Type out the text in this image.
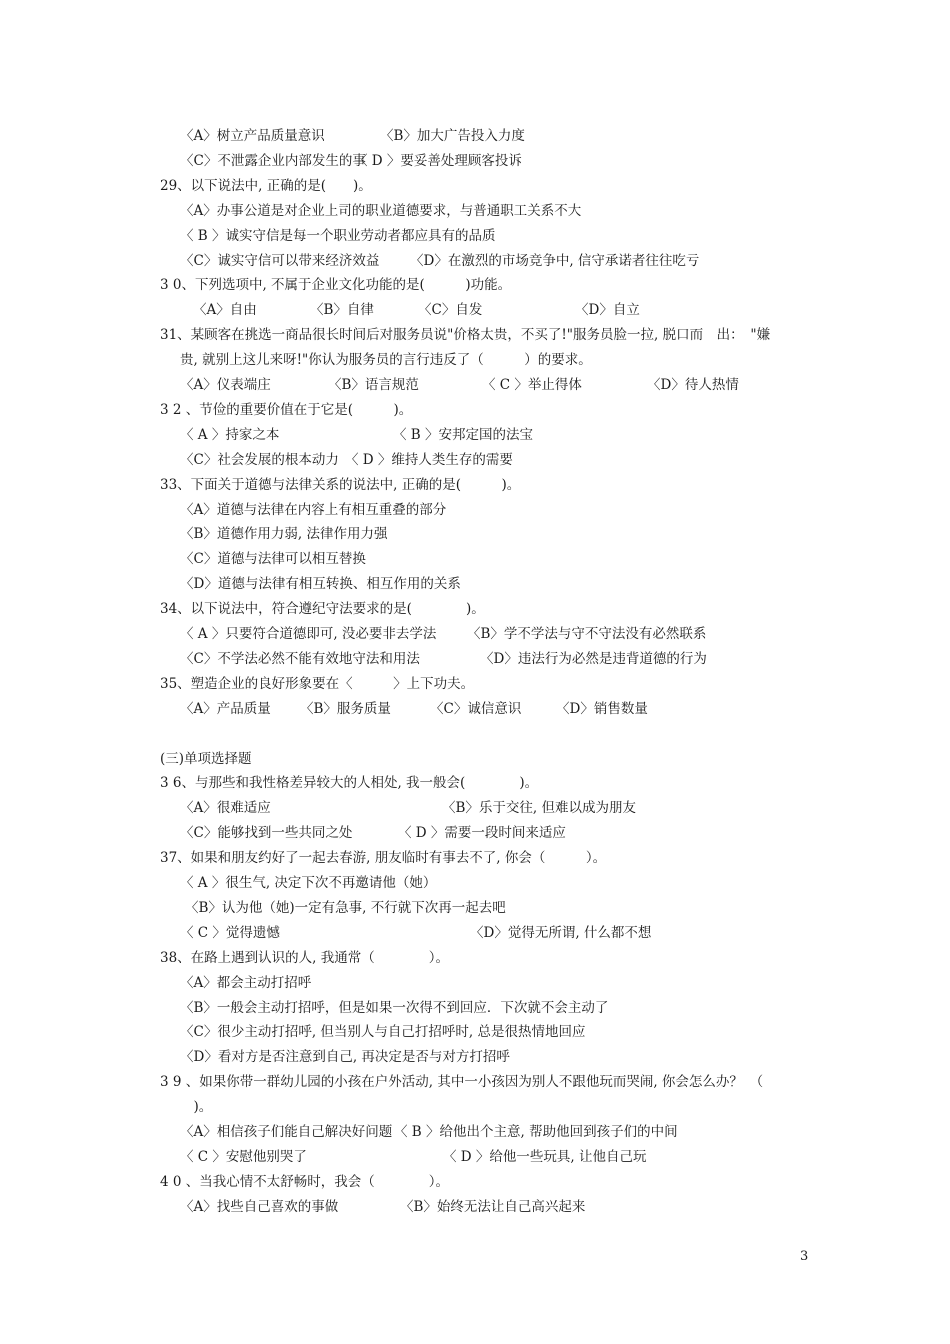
〈A〉树立产品质量意识	〈B〉加大广告投入力度
〈C〉不泄露企业内部发生的事
〈 D 〉要妥善处理顾客投诉
29、以下说法中, 正确的是(　　)。
〈A〉办事公道是对企业上司的职业道德要求，与普通职工关系不大
〈 B 〉诚实守信是每一个职业劳动者都应具有的品质
〈C〉诚实守信可以带来经济效益 〈D〉在激烈的市场竞争中, 信守承诺者往往吃亏
3 0、下列选项中, 不属于企业文化功能的是(　　　)功能。
〈A〉自由	〈B〉自律	〈C〉自发	〈D〉自立
31、某顾客在挑选一商品很长时间后对服务员说"价格太贵，不买了!"服务员脸一拉, 脱口而　出：　"嫌
贵, 就别上这儿来呀!"你认为服务员的言行违反了（　　　）的要求。
〈A〉仪表端庄	〈B〉语言规范	〈 C 〉举止得体	〈D〉待人热情
3 2 、节俭的重要价值在于它是(　　　)。
〈 A 〉持家之本	〈 B 〉安邦定国的法宝
〈C〉社会发展的根本动力 〈 D 〉维持人类生存的需要
33、下面关于道德与法律关系的说法中, 正确的是(　　　)。
〈A〉道德与法律在内容上有相互重叠的部分
〈B〉道德作用力弱, 法律作用力强
〈C〉道德与法律可以相互替换
〈D〉道德与法律有相互转换、相互作用的关系
34、以下说法中，符合遵纪守法要求的是(　　　　)。
〈 A 〉只要符合道德即可, 没必要非去学法 〈B〉学不学法与守不守法没有必然联系
〈C〉不学法必然不能有效地守法和用法	〈D〉违法行为必然是违背道德的行为
35、塑造企业的良好形象要在〈　　　〉上下功夫。
〈A〉产品质量 〈B〉服务质量	〈C〉诚信意识	〈D〉销售数量
(三)单项选择题
3 6、与那些和我性格差异较大的人相处, 我一般会(　　　　)。
〈A〉很难适应	〈B〉乐于交往, 但难以成为朋友
〈C〉能够找到一些共同之处	〈 D 〉需要一段时间来适应
37、如果和朋友约好了一起去春游, 朋友临时有事去不了, 你会（　　　）。
〈 A 〉很生气, 决定下次不再邀请他（她）
〈B〉认为他（她)一定有急事, 不行就下次再一起去吧
〈 C 〉觉得遗憾	〈D〉觉得无所谓, 什么都不想
38、在路上遇到认识的人, 我通常（　　　　）。
〈A〉都会主动打招呼
〈B〉一般会主动打招呼，但是如果一次得不到回应．下次就不会主动了
〈C〉很少主动打招呼, 但当别人与自己打招呼时, 总是很热情地回应
〈D〉看对方是否注意到自己, 再决定是否与对方打招呼
3 9 、如果你带一群幼儿园的小孩在户外活动, 其中一小孩因为别人不跟他玩而哭闹, 你会怎么办？　（
　)。
〈A〉相信孩子们能自己解决好问题 〈 B 〉给他出个主意, 帮助他回到孩子们的中间
〈 C 〉安慰他别哭了	〈 D 〉给他一些玩具, 让他自己玩
4 0 、当我心情不太舒畅时，我会（　　　　）。
〈A〉找些自己喜欢的事做	〈B〉始终无法让自己高兴起来
3
